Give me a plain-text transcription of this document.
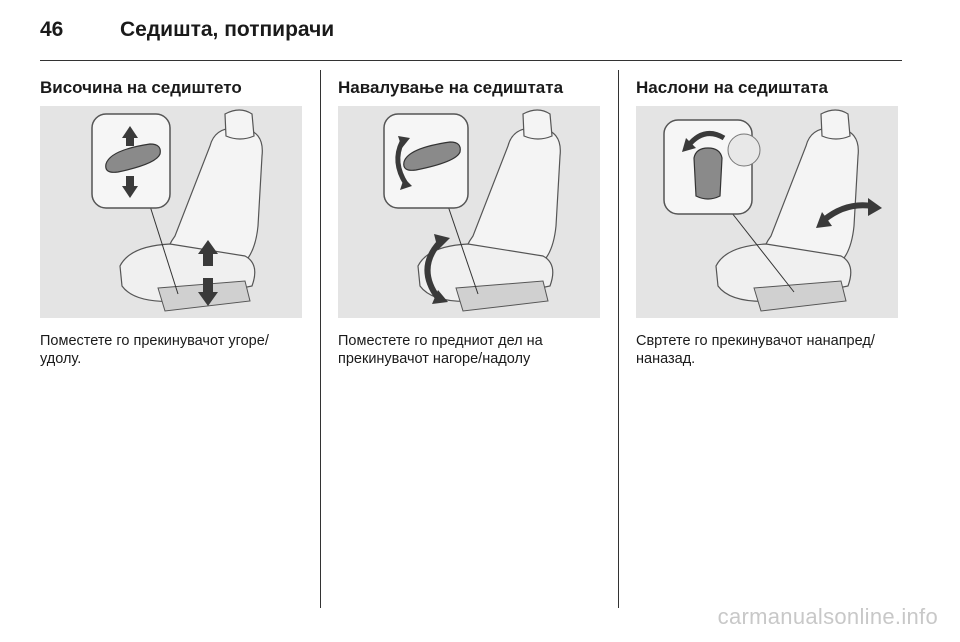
46	Седишта, потпирачи
Височина на седиштето
Поместете го прекинувачот угоре/ удолу.
Навалување на седиштата
Поместете го предниот дел на прекинувачот нагоре/надолу
Наслони на седиштата
Свртете го прекинувачот нанапред/наназад.
carmanualsonline.info
